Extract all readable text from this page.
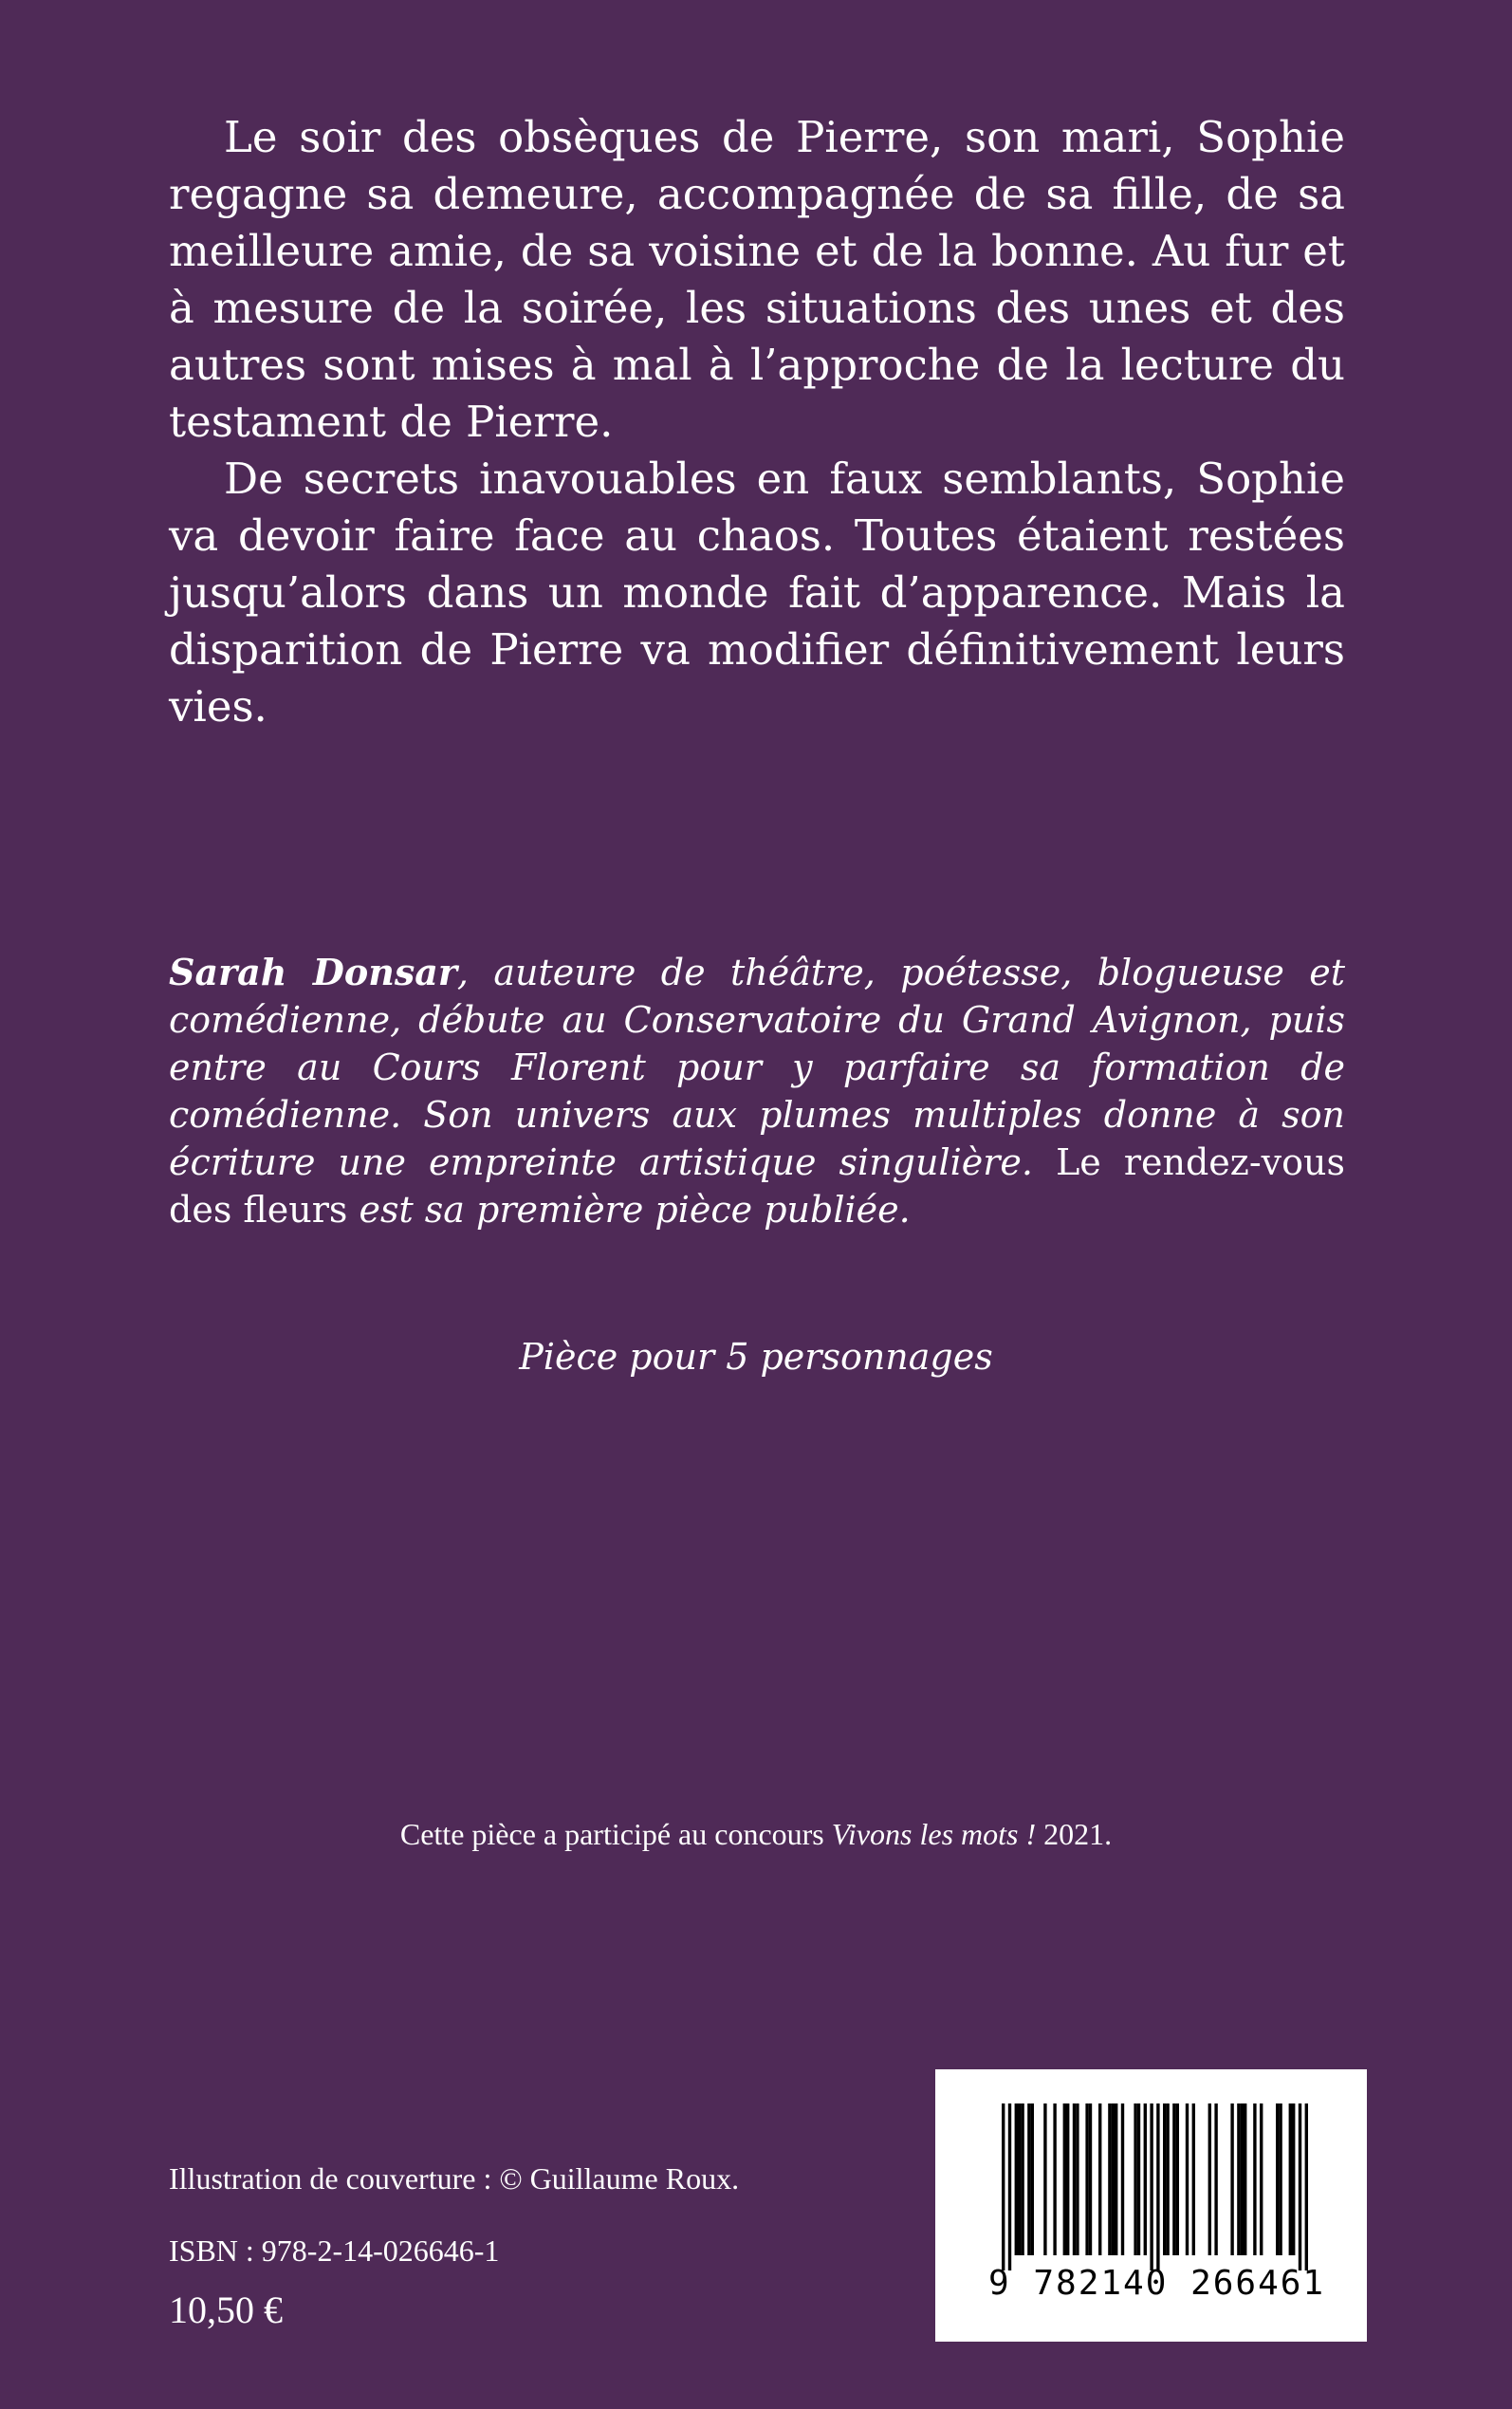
Le soir des obsèques de Pierre, son mari, Sophie regagne sa demeure, accompagnée de sa fille, de sa meilleure amie, de sa voisine et de la bonne. Au fur et à mesure de la soirée, les situations des unes et des autres sont mises à mal à l’approche de la lecture du testament de Pierre.

De secrets inavouables en faux semblants, Sophie va devoir faire face au chaos. Toutes étaient restées jusqu’alors dans un monde fait d’apparence. Mais la disparition de Pierre va modifier définitivement leurs vies.

Sarah Donsar, auteure de théâtre, poétesse, blogueuse et comédienne, débute au Conservatoire du Grand Avignon, puis entre au Cours Florent pour y parfaire sa formation de comédienne. Son univers aux plumes multiples donne à son écriture une empreinte artistique singulière. Le rendez-vous des fleurs est sa première pièce publiée.

Pièce pour 5 personnages
Cette pièce a participé au concours Vivons les mots ! 2021.
Illustration de couverture : © Guillaume Roux.
ISBN : 978-2-14-026646-1
10,50 €
9 782140 266461
